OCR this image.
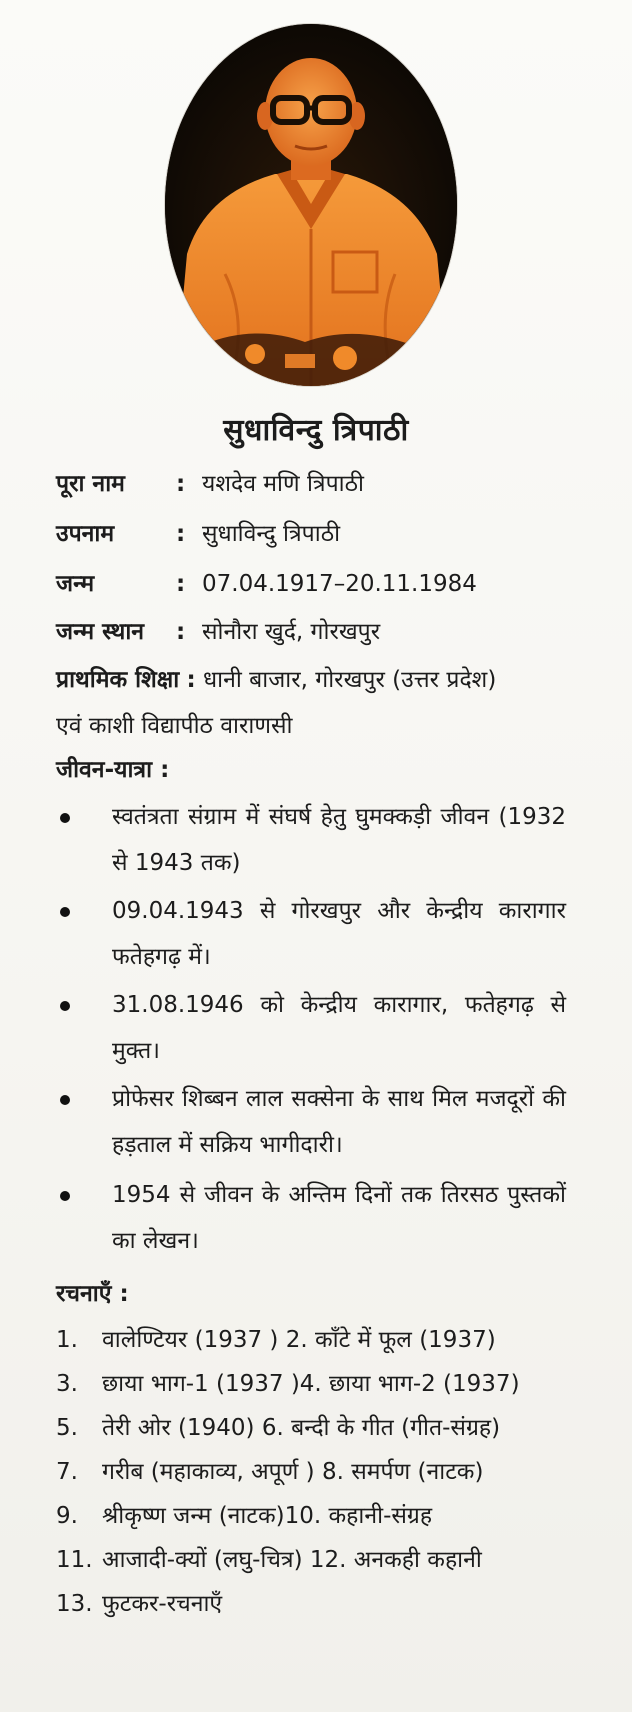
सुधाविन्दु त्रिपाठी
पूरा नाम : यशदेव मणि त्रिपाठी
उपनाम	: सुधाविन्दु त्रिपाठी
जन्म	: 07.04.1917–20.11.1984
जन्म स्थान : सोनौरा खुर्द, गोरखपुर
प्राथमिक शिक्षा : धानी बाजार, गोरखपुर (उत्तर प्रदेश)
एवं काशी विद्यापीठ वाराणसी
जीवन-यात्रा :
स्वतंत्रता संग्राम में संघर्ष हेतु घुमक्कड़ी जीवन (1932 से 1943 तक)
09.04.1943 से गोरखपुर और केन्द्रीय कारागार फतेहगढ़ में।
31.08.1946 को केन्द्रीय कारागार, फतेहगढ़ से मुक्त।
प्रोफेसर शिब्बन लाल सक्सेना के साथ मिल मजदूरों की हड़ताल में सक्रिय भागीदारी।
1954 से जीवन के अन्तिम दिनों तक तिरसठ पुस्तकों का लेखन।
रचनाएँ :
1. वालेण्टियर (1937 ) 2. काँटे में फूल (1937)
3. छाया भाग-1 (1937 )4. छाया भाग-2 (1937)
5. तेरी ओर (1940) 6. बन्दी के गीत (गीत-संग्रह)
7. गरीब (महाकाव्य, अपूर्ण ) 8. समर्पण (नाटक)
9. श्रीकृष्ण जन्म (नाटक)10. कहानी-संग्रह
11. आजादी-क्यों (लघु-चित्र) 12. अनकही कहानी
13. फुटकर-रचनाएँ
